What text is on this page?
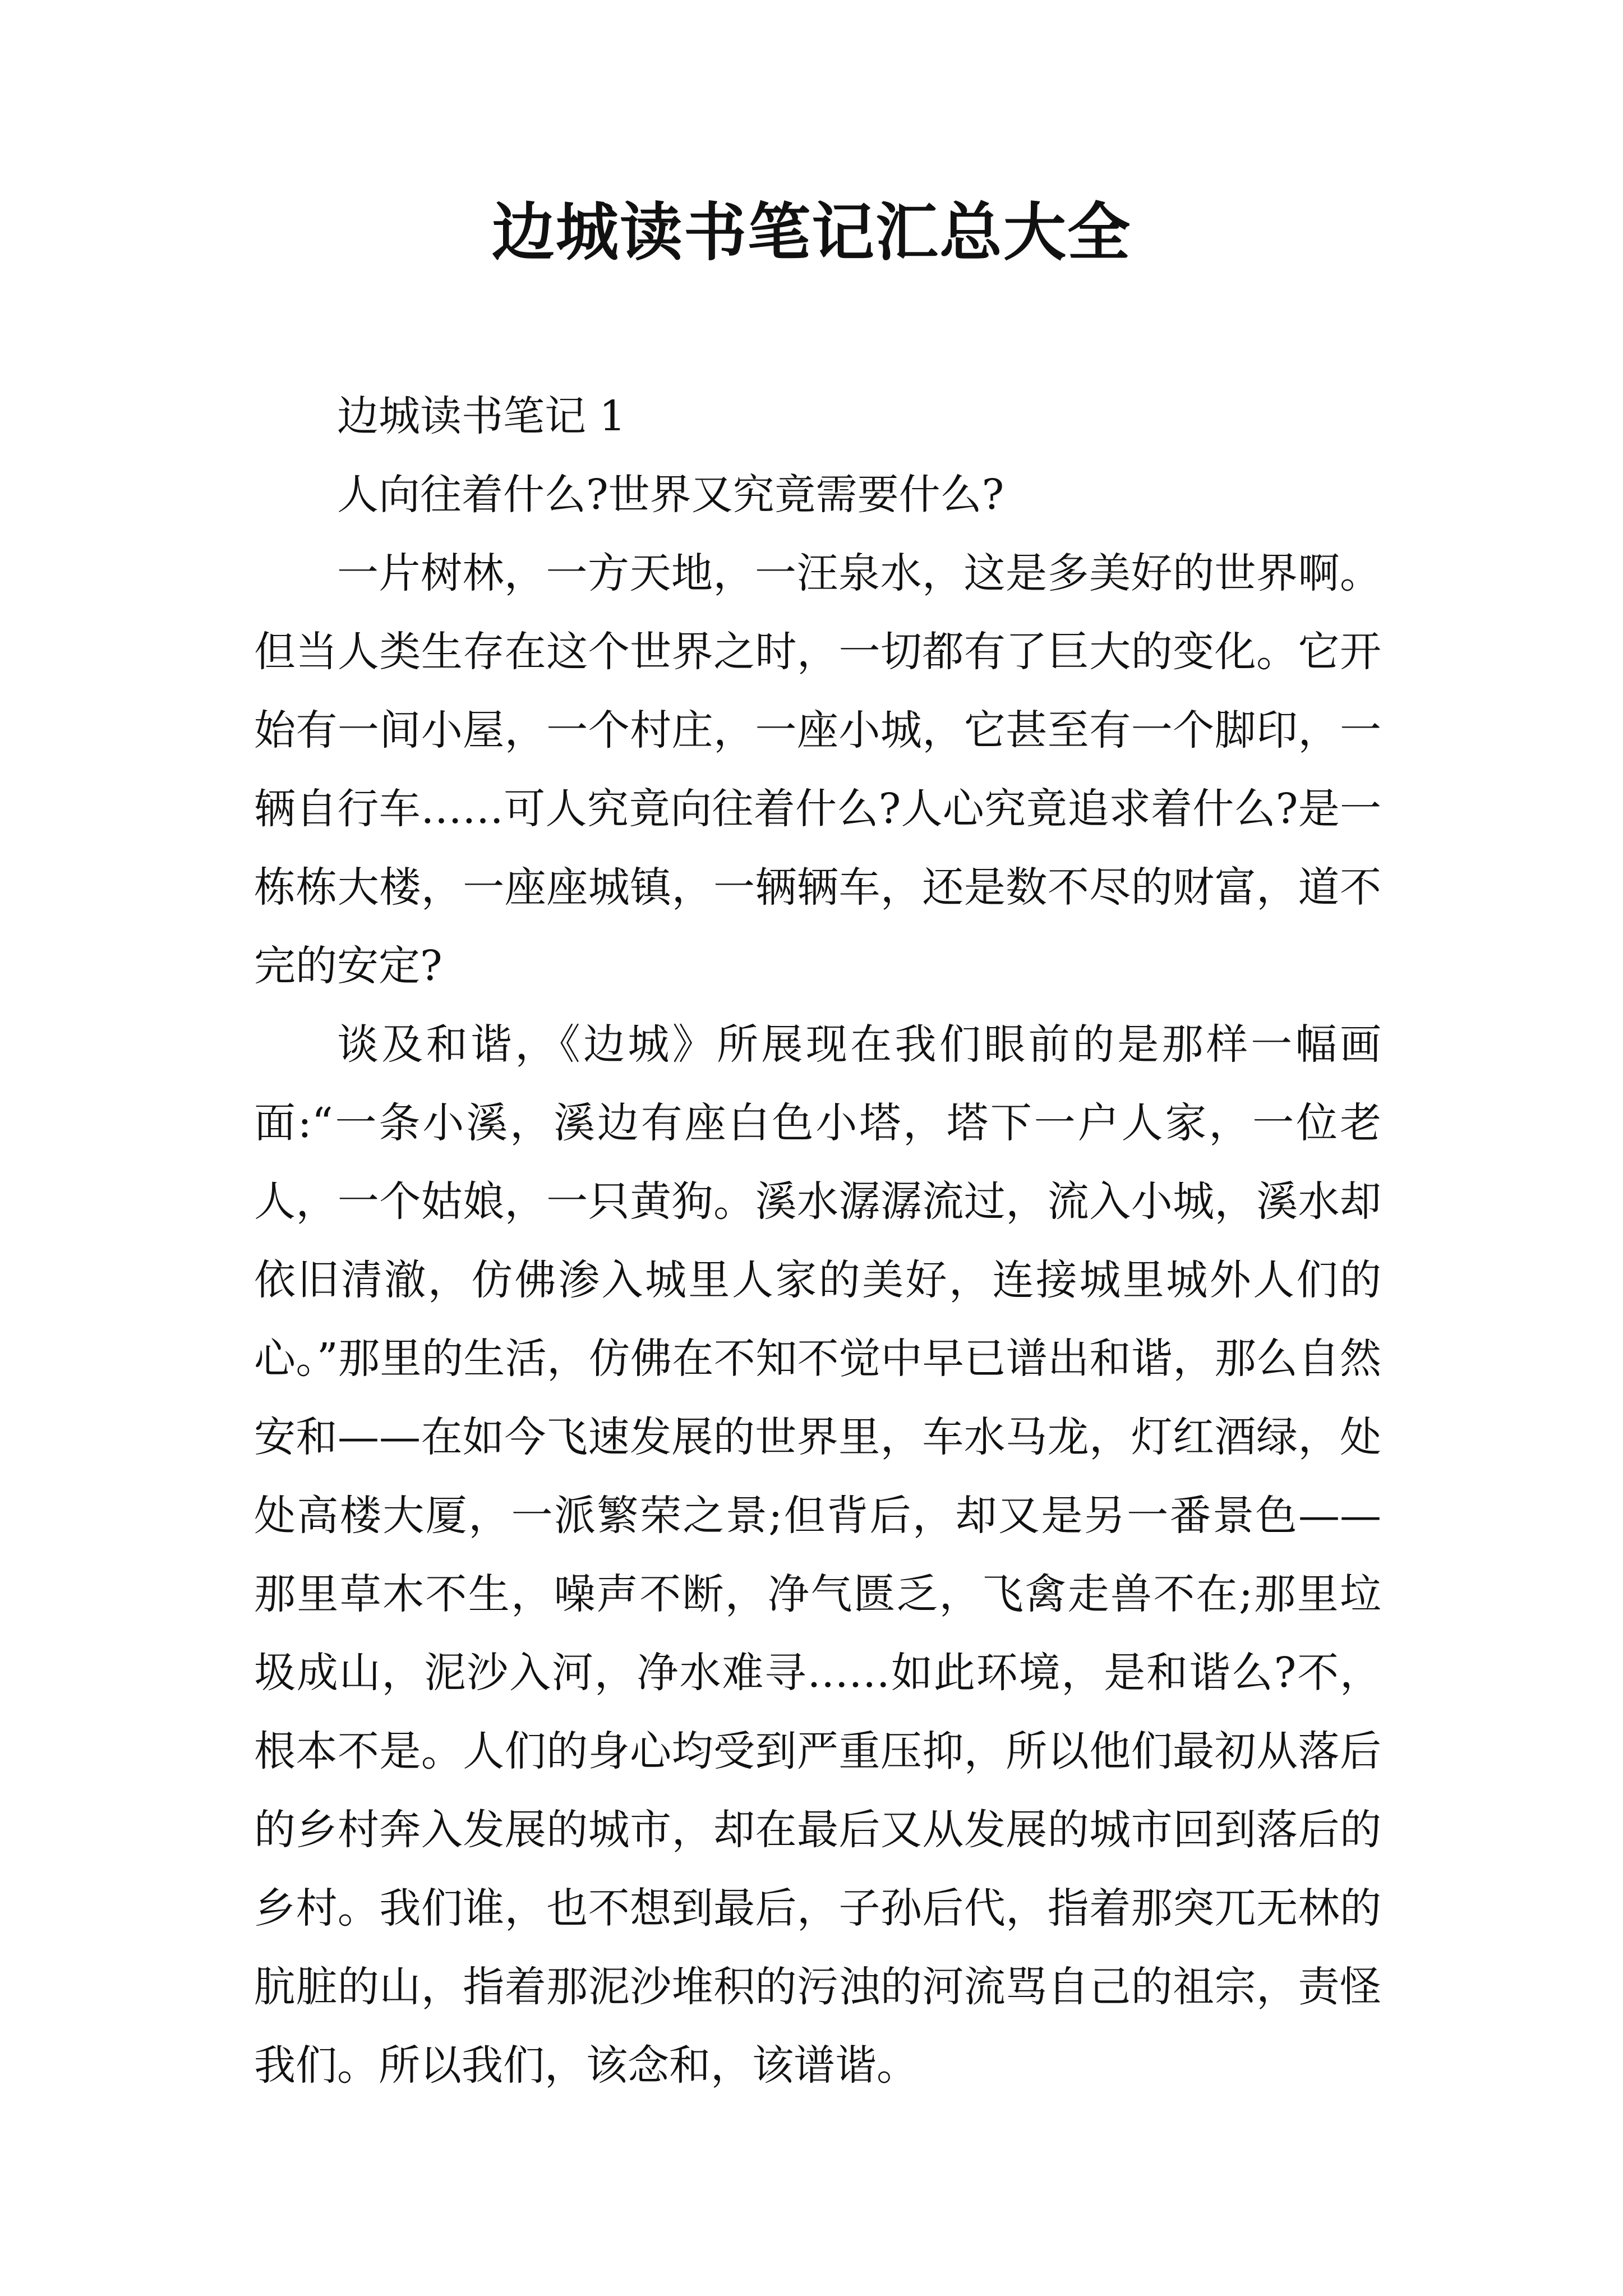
边城读书笔记汇总大全
边城读书笔记 1

人向往着什么?世界又究竟需要什么?

一片树林，一方天地，一汪泉水，这是多美好的世界啊。但当人类生存在这个世界之时，一切都有了巨大的变化。它开始有一间小屋，一个村庄，一座小城，它甚至有一个脚印，一辆自行车……可人究竟向往着什么?人心究竟追求着什么?是一栋栋大楼，一座座城镇，一辆辆车，还是数不尽的财富，道不完的安定?

谈及和谐，《边城》所展现在我们眼前的是那样一幅画面:“一条小溪，溪边有座白色小塔，塔下一户人家，一位老人，一个姑娘，一只黄狗。溪水潺潺流过，流入小城，溪水却依旧清澈，仿佛渗入城里人家的美好，连接城里城外人们的心。”那里的生活，仿佛在不知不觉中早已谱出和谐，那么自然安和——在如今飞速发展的世界里，车水马龙，灯红酒绿，处处高楼大厦，一派繁荣之景;但背后，却又是另一番景色——那里草木不生，噪声不断，净气匮乏，飞禽走兽不在;那里垃圾成山，泥沙入河，净水难寻……如此环境，是和谐么?不，根本不是。人们的身心均受到严重压抑，所以他们最初从落后的乡村奔入发展的城市，却在最后又从发展的城市回到落后的乡村。我们谁，也不想到最后，子孙后代，指着那突兀无林的肮脏的山，指着那泥沙堆积的污浊的河流骂自己的祖宗，责怪我们。所以我们，该念和，该谱谐。
